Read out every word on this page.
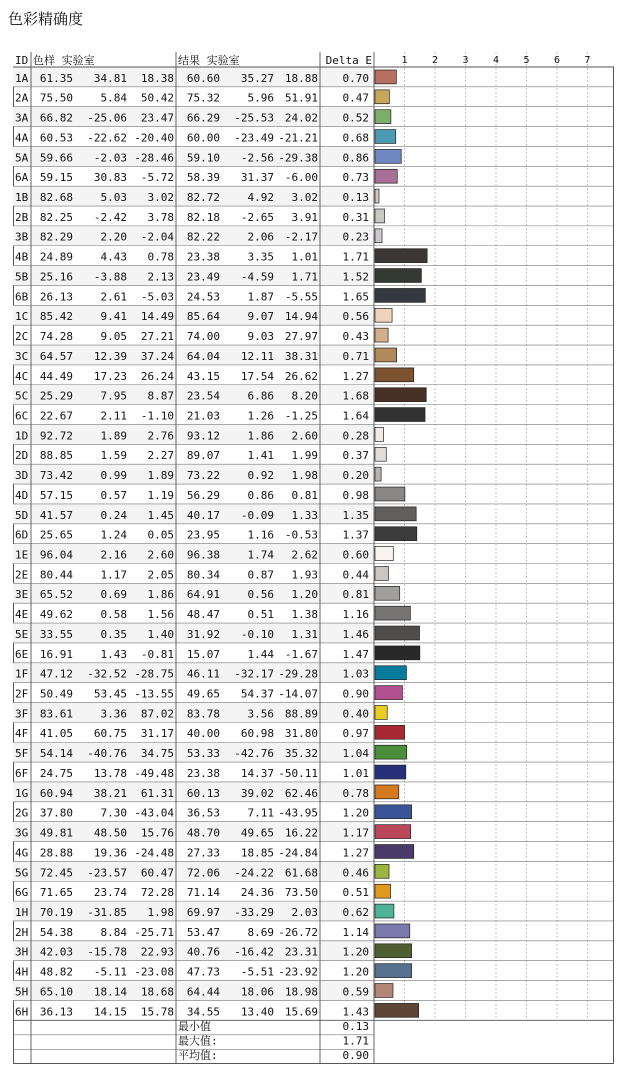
色彩精确度
1 2 3 4 5 6 7
ID 色样 实验室	结果 实验室	Delta E
1A 61.35 34.81 18.38 60.60 35.27 18.88 0.70
2A 75.50	5.84 50.42 75.32	5.96 51.91 0.47
3A 66.82 -25.06 23.47 66.29 -25.53 24.02 0.52
4A 60.53 -22.62 -20.40 60.00 -23.49 -21.21 0.68
5A 59.66 -2.03 -28.46 59.10 -2.56 -29.38 0.86
6A 59.15 30.83 -5.72 58.39 31.37 -6.00 0.73
1B 82.68	5.03 3.02 82.72	4.92 3.02 0.13
2B 82.25 -2.42 3.78 82.18 -2.65 3.91 0.31
3B 82.29	2.20 -2.04 82.22	2.06 -2.17 0.23
4B 24.89	4.43 0.78 23.38	3.35 1.01 1.71
5B 25.16 -3.88 2.13 23.49 -4.59 1.71 1.52
6B 26.13	2.61 -5.03 24.53	1.87 -5.55 1.65
1C 85.42	9.41 14.49 85.64	9.07 14.94 0.56
2C 74.28	9.05 27.21 74.00	9.03 27.97 0.43
3C 64.57 12.39 37.24 64.04 12.11 38.31 0.71
4C 44.49 17.23 26.24 43.15 17.54 26.62 1.27
5C 25.29	7.95 8.87 23.54	6.86 8.20 1.68
6C 22.67	2.11 -1.10 21.03	1.26 -1.25 1.64
1D 92.72	1.89 2.76 93.12	1.86 2.60 0.28
2D 88.85	1.59 2.27 89.07	1.41 1.99 0.37
3D 73.42	0.99 1.89 73.22	0.92 1.98 0.20
4D 57.15	0.57 1.19 56.29	0.86 0.81 0.98
5D 41.57	0.24 1.45 40.17 -0.09 1.33 1.35
6D 25.65	1.24 0.05 23.95	1.16 -0.53 1.37
1E 96.04	2.16 2.60 96.38	1.74 2.62 0.60
2E 80.44	1.17 2.05 80.34	0.87 1.93 0.44
3E 65.52	0.69 1.86 64.91	0.56 1.20 0.81
4E 49.62	0.58 1.56 48.47	0.51 1.38 1.16
5E 33.55	0.35 1.40 31.92 -0.10 1.31 1.46
6E 16.91	1.43 -0.81 15.07	1.44 -1.67 1.47
1F 47.12 -32.52 -28.75 46.11 -32.17 -29.28 1.03
2F 50.49 53.45 -13.55 49.65 54.37 -14.07 0.90
3F 83.61	3.36 87.02 83.78	3.56 88.89 0.40
4F 41.05 60.75 31.17 40.00 60.98 31.80 0.97
5F 54.14 -40.76 34.75 53.33 -42.76 35.32 1.04
6F 24.75 13.78 -49.48 23.38 14.37 -50.11 1.01
1G 60.94 38.21 61.31 60.13 39.02 62.46 0.78
2G 37.80	7.30 -43.04 36.53	7.11 -43.95 1.20
3G 49.81 48.50 15.76 48.70 49.65 16.22 1.17
4G 28.88 19.36 -24.48 27.33 18.85 -24.84 1.27
5G 72.45 -23.57 60.47 72.06 -24.22 61.68 0.46
6G 71.65 23.74 72.28 71.14 24.36 73.50 0.51
1H 70.19 -31.85 1.98 69.97 -33.29 2.03 0.62
2H 54.38	8.84 -25.71 53.47	8.69 -26.72 1.14
3H 42.03 -15.78 22.93 40.76 -16.42 23.31 1.20
4H 48.82 -5.11 -23.08 47.73 -5.51 -23.92 1.20
5H 65.10 18.14 18.68 64.44 18.06 18.98 0.59
6H 36.13 14.15 15.78 34.55 13.40 15.69 1.43
最小值	0.13
最大值:	1.71
平均值:	0.90
